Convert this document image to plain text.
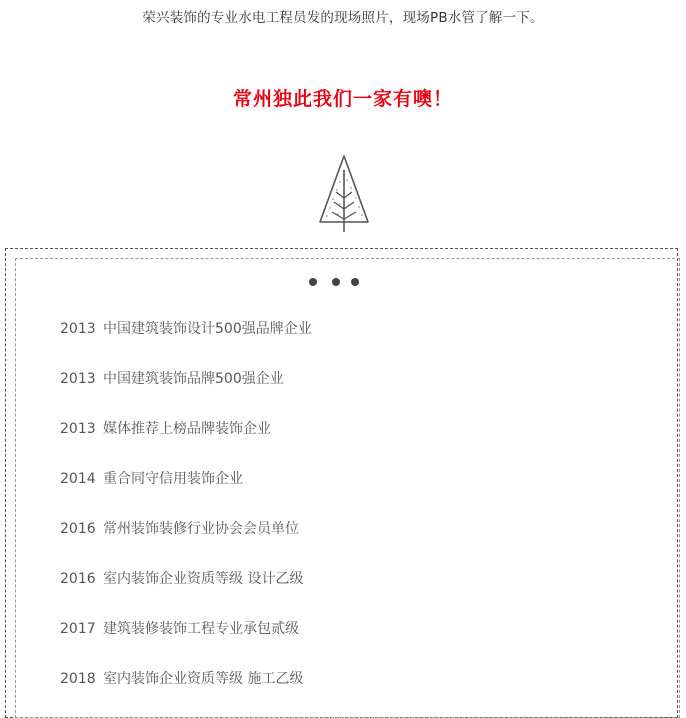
荣兴装饰的专业水电工程员发的现场照片，现场PB水管了解一下。
常州独此我们一家有噢！
2013 中国建筑装饰设计500强品牌企业
2013 中国建筑装饰品牌500强企业
2013 媒体推荐上榜品牌装饰企业
2014 重合同守信用装饰企业
2016 常州装饰装修行业协会会员单位
2016 室内装饰企业资质等级 设计乙级
2017 建筑装修装饰工程专业承包贰级
2018 室内装饰企业资质等级 施工乙级
